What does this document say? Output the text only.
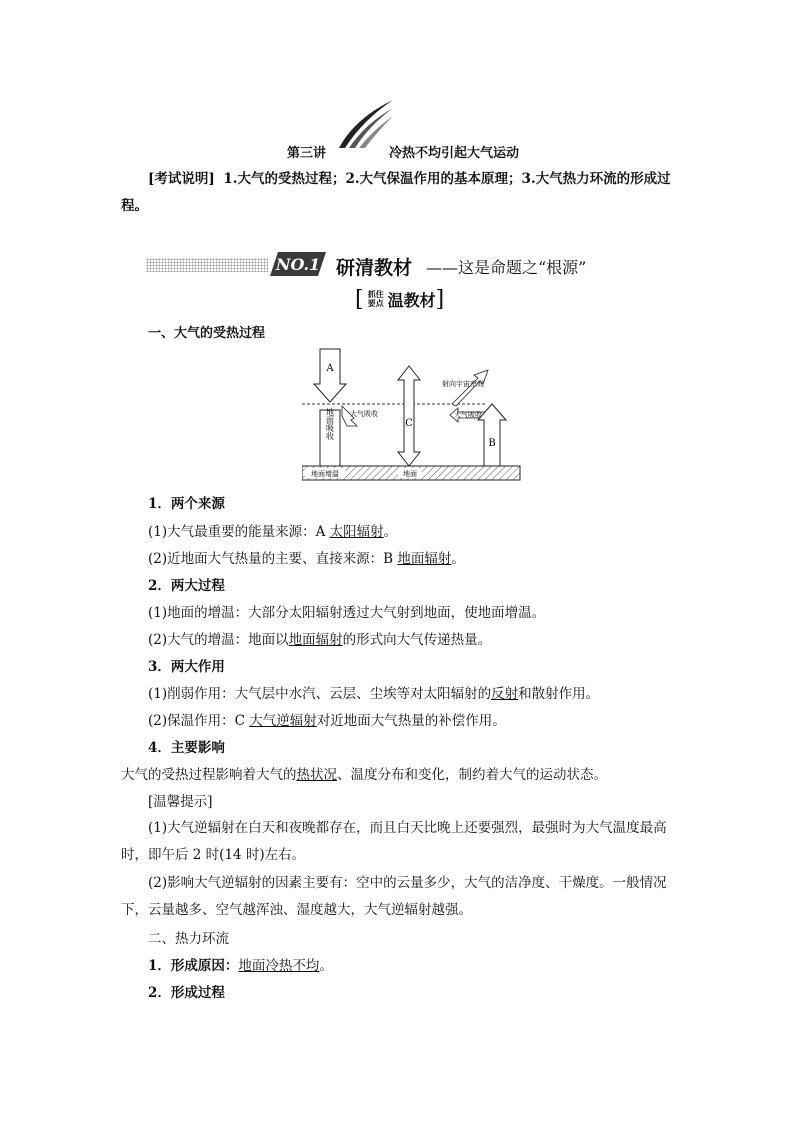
第三讲	冷热不均引起大气运动
[考试说明] 1.大气的受热过程；2.大气保温作用的基本原理；3.大气热力环流的形成过程。
NO.1 研清教材 ——这是命题之“根源”
[ 抓住要点 温教材 ]
一、大气的受热过程
A
地面吸收 大气吸收
C
射向宇宙空间
大气吸收
B
地面增温	地面
1．两个来源
(1)大气最重要的能量来源：A 太阳辐射。
(2)近地面大气热量的主要、直接来源：B 地面辐射。
2．两大过程
(1)地面的增温：大部分太阳辐射透过大气射到地面，使地面增温。
(2)大气的增温：地面以地面辐射的形式向大气传递热量。
3．两大作用
(1)削弱作用：大气层中水汽、云层、尘埃等对太阳辐射的反射和散射作用。
(2)保温作用：C 大气逆辐射对近地面大气热量的补偿作用。
4．主要影响
大气的受热过程影响着大气的热状况、温度分布和变化，制约着大气的运动状态。
[温馨提示]
(1)大气逆辐射在白天和夜晚都存在，而且白天比晚上还要强烈，最强时为大气温度最高时，即午后 2 时(14 时)左右。
(2)影响大气逆辐射的因素主要有：空中的云量多少，大气的洁净度、干燥度。一般情况下，云量越多、空气越浑浊、湿度越大，大气逆辐射越强。
二、热力环流
1．形成原因：地面冷热不均。
2．形成过程
